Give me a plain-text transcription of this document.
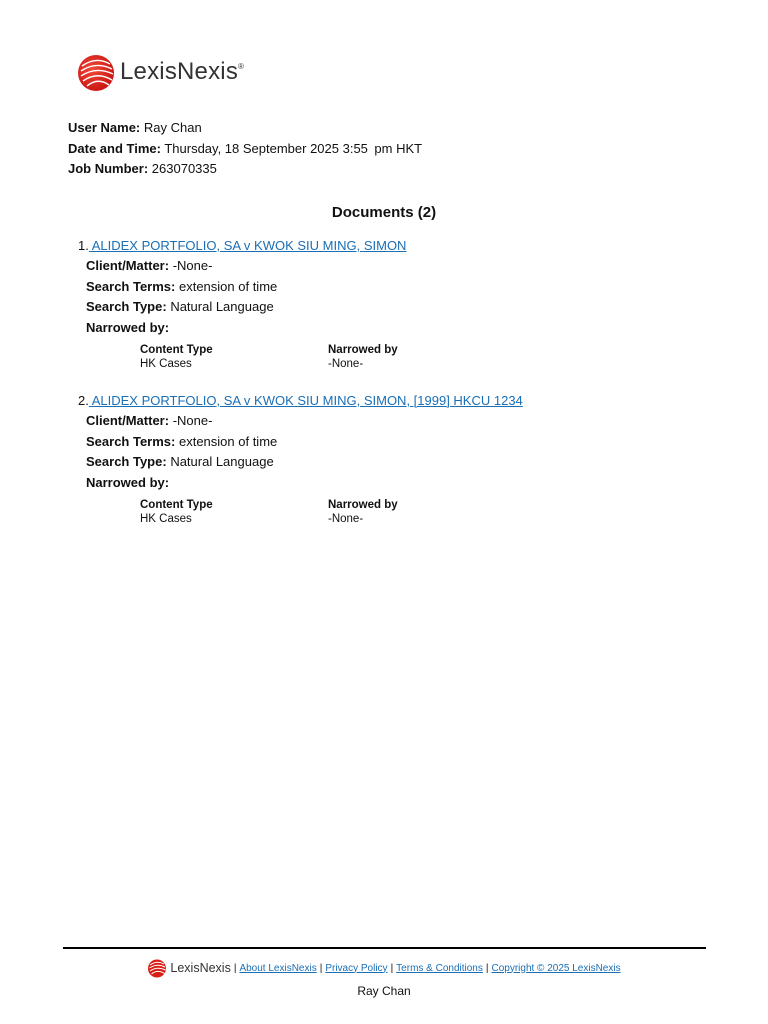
LexisNexis®
User Name: Ray Chan
Date and Time: Thursday, 18 September 2025 3:55 pm HKT
Job Number: 263070335
Documents (2)
1. ALIDEX PORTFOLIO, SA v KWOK SIU MING, SIMON
Client/Matter: -None-
Search Terms: extension of time
Search Type: Natural Language
Narrowed by:
Content Type	Narrowed by
HK Cases	-None-
2. ALIDEX PORTFOLIO, SA v KWOK SIU MING, SIMON, [1999] HKCU 1234
Client/Matter: -None-
Search Terms: extension of time
Search Type: Natural Language
Narrowed by:
Content Type	Narrowed by
HK Cases	-None-
LexisNexis | About LexisNexis | Privacy Policy | Terms & Conditions | Copyright © 2025 LexisNexis
Ray Chan
